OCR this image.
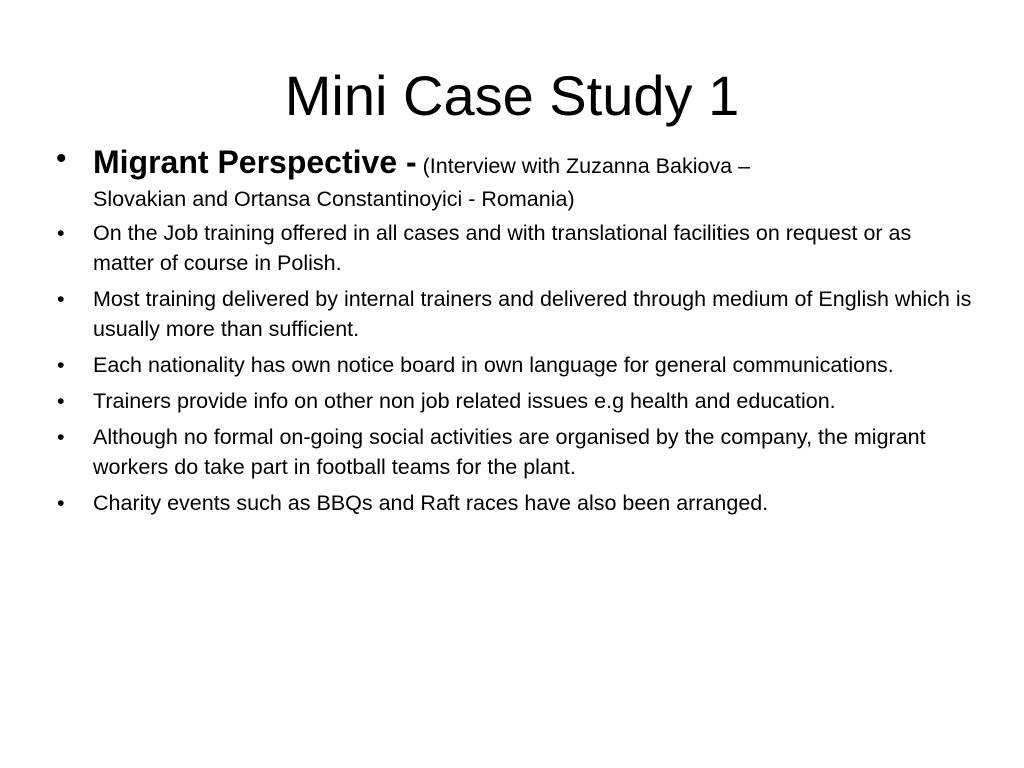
Mini Case Study 1
• Migrant Perspective - (Interview with Zuzanna Bakiova –
Slovakian and Ortansa Constantinoyici - Romania)
• On the Job training offered in all cases and with translational facilities on request or as matter of course in Polish.
• Most training delivered by internal trainers and delivered through medium of English which is usually more than sufficient.
• Each nationality has own notice board in own language for general communications.
• Trainers provide info on other non job related issues e.g health and education.
• Although no formal on-going social activities are organised by the company, the migrant workers do take part in football teams for the plant.
• Charity events such as BBQs and Raft races have also been arranged.
